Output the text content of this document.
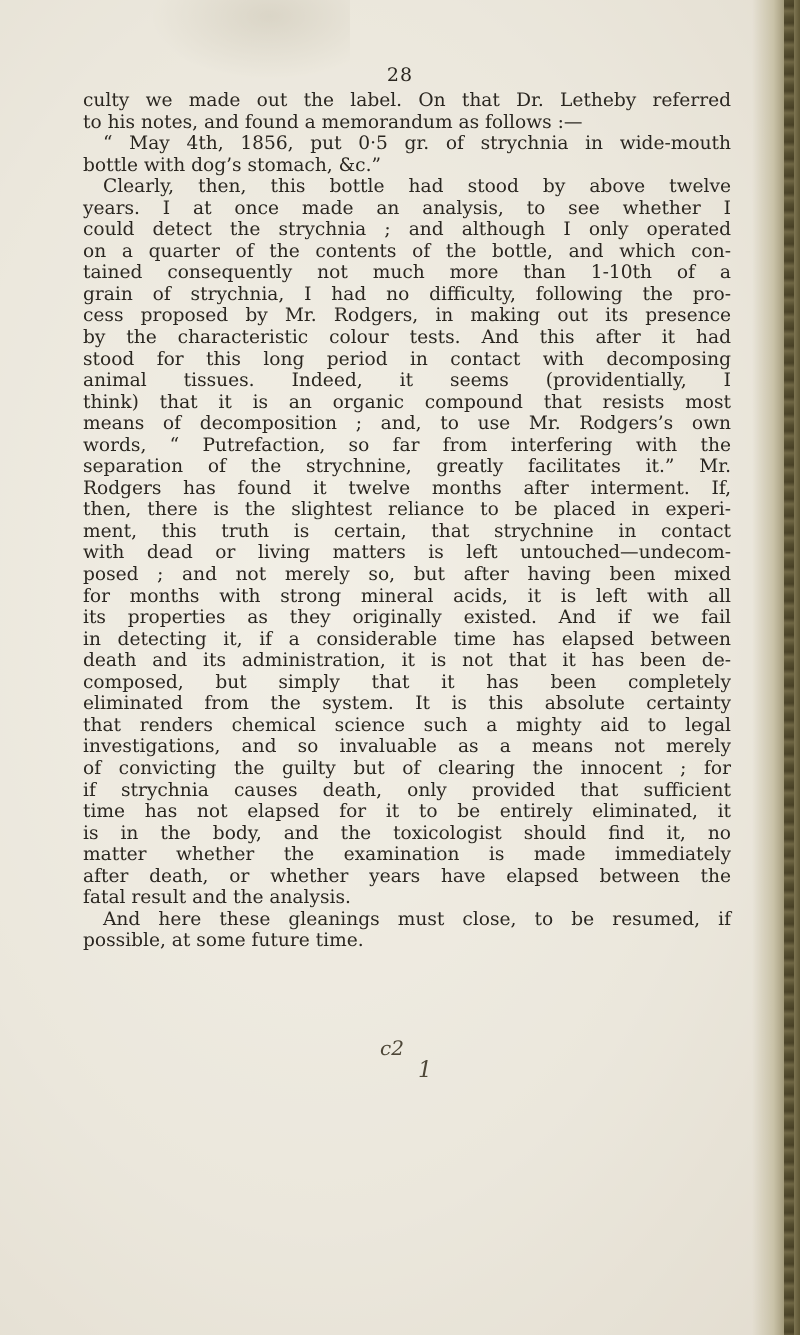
28
culty we made out the label. On that Dr. Letheby referred
to his notes, and found a memorandum as follows :—
“ May 4th, 1856, put 0·5 gr. of strychnia in wide-mouth
bottle with dog’s stomach, &c.”
Clearly, then, this bottle had stood by above twelve
years. I at once made an analysis, to see whether I
could detect the strychnia ; and although I only operated
on a quarter of the contents of the bottle, and which con-
tained consequently not much more than 1-10th of a
grain of strychnia, I had no difficulty, following the pro-
cess proposed by Mr. Rodgers, in making out its presence
by the characteristic colour tests. And this after it had
stood for this long period in contact with decomposing
animal tissues. Indeed, it seems (providentially, I
think) that it is an organic compound that resists most
means of decomposition ; and, to use Mr. Rodgers’s own
words, “ Putrefaction, so far from interfering with the
separation of the strychnine, greatly facilitates it.” Mr.
Rodgers has found it twelve months after interment. If,
then, there is the slightest reliance to be placed in experi-
ment, this truth is certain, that strychnine in contact
with dead or living matters is left untouched—undecom-
posed ; and not merely so, but after having been mixed
for months with strong mineral acids, it is left with all
its properties as they originally existed. And if we fail
in detecting it, if a considerable time has elapsed between
death and its administration, it is not that it has been de-
composed, but simply that it has been completely
eliminated from the system. It is this absolute certainty
that renders chemical science such a mighty aid to legal
investigations, and so invaluable as a means not merely
of convicting the guilty but of clearing the innocent ; for
if strychnia causes death, only provided that sufficient
time has not elapsed for it to be entirely eliminated, it
is in the body, and the toxicologist should find it, no
matter whether the examination is made immediately
after death, or whether years have elapsed between the
fatal result and the analysis.
And here these gleanings must close, to be resumed, if
possible, at some future time.
c2
1
